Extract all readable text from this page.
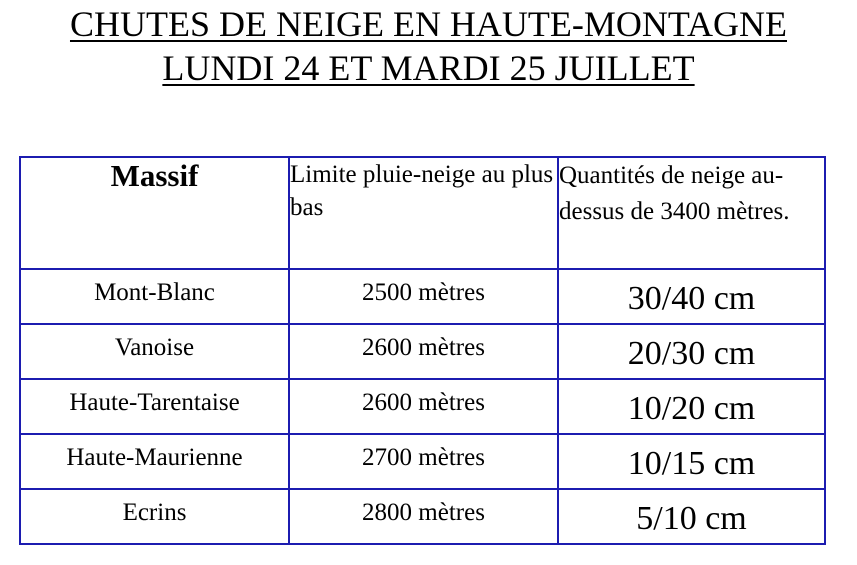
CHUTES DE NEIGE EN HAUTE-MONTAGNE
LUNDI 24 ET MARDI 25 JUILLET
Massif	Limite pluie-neige au plus bas	Quantités de neige au-dessus de 3400 mètres.
Mont-Blanc	2500 mètres	30/40 cm
Vanoise	2600 mètres	20/30 cm
Haute-Tarentaise	2600 mètres	10/20 cm
Haute-Maurienne	2700 mètres	10/15 cm
Ecrins	2800 mètres	5/10 cm
